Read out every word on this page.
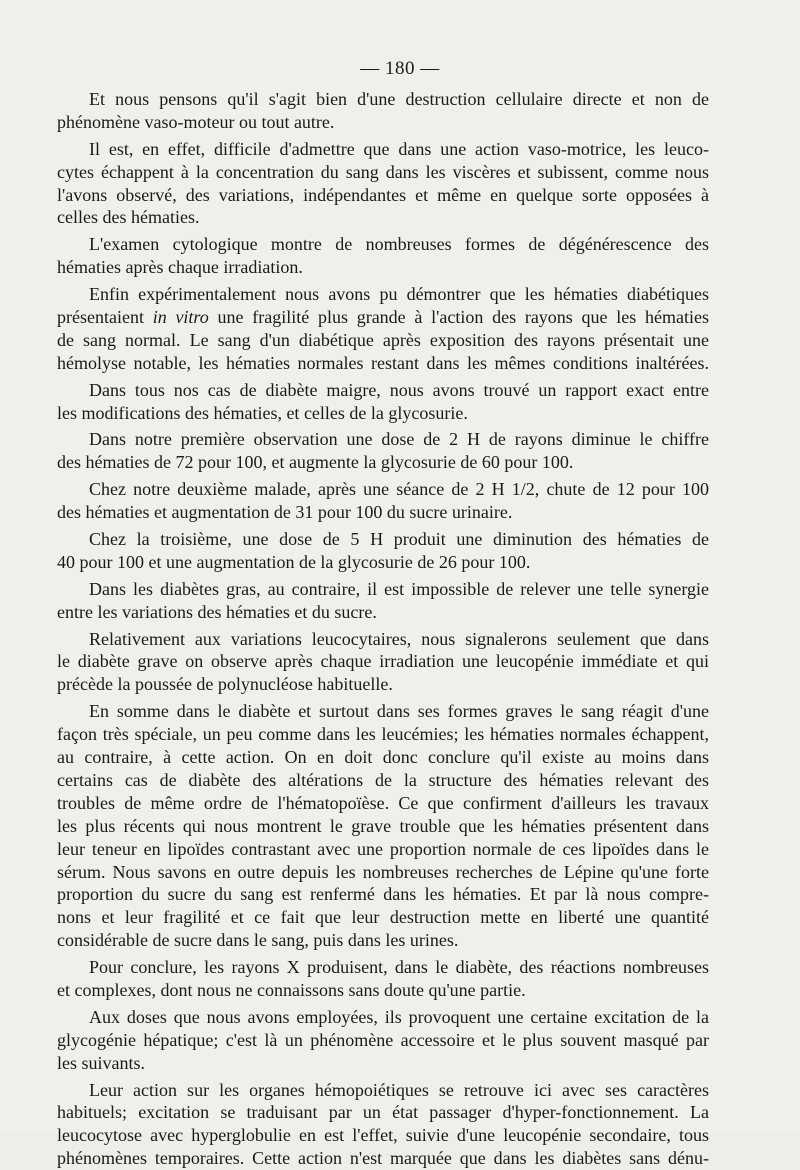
— 180 —
Et nous pensons qu'il s'agit bien d'une destruction cellulaire directe et non de
phénomène vaso-moteur ou tout autre.
Il est, en effet, difficile d'admettre que dans une action vaso-motrice, les leuco-
cytes échappent à la concentration du sang dans les viscères et subissent, comme nous
l'avons observé, des variations, indépendantes et même en quelque sorte opposées à
celles des hématies.
L'examen cytologique montre de nombreuses formes de dégénérescence des
hématies après chaque irradiation.
Enfin expérimentalement nous avons pu démontrer que les hématies diabétiques
présentaient in vitro une fragilité plus grande à l'action des rayons que les hématies
de sang normal. Le sang d'un diabétique après exposition des rayons présentait une
hémolyse notable, les hématies normales restant dans les mêmes conditions inaltérées.
Dans tous nos cas de diabète maigre, nous avons trouvé un rapport exact entre
les modifications des hématies, et celles de la glycosurie.
Dans notre première observation une dose de 2 H de rayons diminue le chiffre
des hématies de 72 pour 100, et augmente la glycosurie de 60 pour 100.
Chez notre deuxième malade, après une séance de 2 H 1/2, chute de 12 pour 100
des hématies et augmentation de 31 pour 100 du sucre urinaire.
Chez la troisième, une dose de 5 H produit une diminution des hématies de
40 pour 100 et une augmentation de la glycosurie de 26 pour 100.
Dans les diabètes gras, au contraire, il est impossible de relever une telle synergie
entre les variations des hématies et du sucre.
Relativement aux variations leucocytaires, nous signalerons seulement que dans
le diabète grave on observe après chaque irradiation une leucopénie immédiate et qui
précède la poussée de polynucléose habituelle.
En somme dans le diabète et surtout dans ses formes graves le sang réagit d'une
façon très spéciale, un peu comme dans les leucémies; les hématies normales échappent,
au contraire, à cette action. On en doit donc conclure qu'il existe au moins dans
certains cas de diabète des altérations de la structure des hématies relevant des
troubles de même ordre de l'hématopoïèse. Ce que confirment d'ailleurs les travaux
les plus récents qui nous montrent le grave trouble que les hématies présentent dans
leur teneur en lipoïdes contrastant avec une proportion normale de ces lipoïdes dans le
sérum. Nous savons en outre depuis les nombreuses recherches de Lépine qu'une forte
proportion du sucre du sang est renfermé dans les hématies. Et par là nous compre-
nons et leur fragilité et ce fait que leur destruction mette en liberté une quantité
considérable de sucre dans le sang, puis dans les urines.
Pour conclure, les rayons X produisent, dans le diabète, des réactions nombreuses
et complexes, dont nous ne connaissons sans doute qu'une partie.
Aux doses que nous avons employées, ils provoquent une certaine excitation de la
glycogénie hépatique; c'est là un phénomène accessoire et le plus souvent masqué par
les suivants.
Leur action sur les organes hémopoiétiques se retrouve ici avec ses caractères
habituels; excitation se traduisant par un état passager d'hyper-fonctionnement. La
leucocytose avec hyperglobulie en est l'effet, suivie d'une leucopénie secondaire, tous
phénomènes temporaires. Cette action n'est marquée que dans les diabètes sans dénu-
